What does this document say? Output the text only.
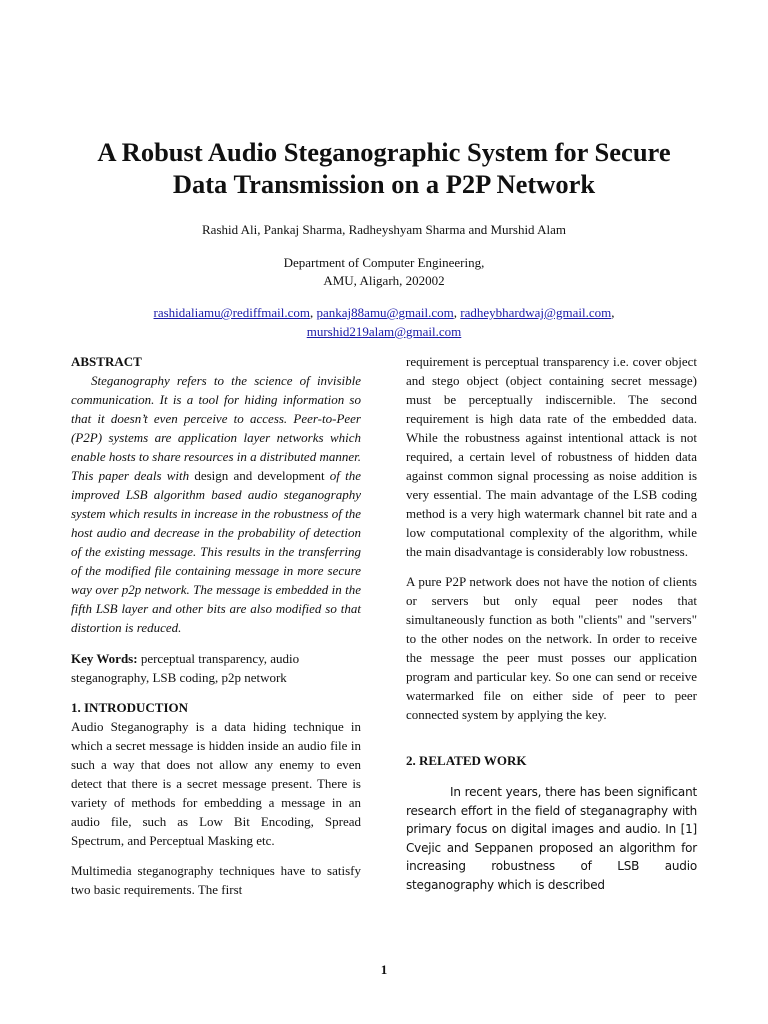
A Robust Audio Steganographic System for Secure
Data Transmission on a P2P Network
Rashid Ali, Pankaj Sharma, Radheyshyam Sharma and Murshid Alam
Department of Computer Engineering,
AMU, Aligarh, 202002
rashidaliamu@rediffmail.com, pankaj88amu@gmail.com, radheybhardwaj@gmail.com,
murshid219alam@gmail.com

ABSTRACT

Steganography refers to the science of invisible communication. It is a tool for hiding information so that it doesn’t even perceive to access. Peer-to-Peer (P2P) systems are application layer networks which enable hosts to share resources in a distributed manner. This paper deals with design and development of the improved LSB algorithm based audio steganography system which results in increase in the robustness of the host audio and decrease in the probability of detection of the existing message. This results in the transferring of the modified file containing message in more secure way over p2p network. The message is embedded in the fifth LSB layer and other bits are also modified so that distortion is reduced.

Key Words: perceptual transparency, audio steganography, LSB coding, p2p network

1. INTRODUCTION

Audio Steganography is a data hiding technique in which a secret message is hidden inside an audio file in such a way that does not allow any enemy to even detect that there is a secret message present. There is variety of methods for embedding a message in an audio file, such as Low Bit Encoding, Spread Spectrum, and Perceptual Masking etc.

Multimedia steganography techniques have to satisfy two basic requirements. The first

requirement is perceptual transparency i.e. cover object and stego object (object containing secret message) must be perceptually indiscernible. The second requirement is high data rate of the embedded data. While the robustness against intentional attack is not required, a certain level of robustness of hidden data against common signal processing as noise addition is very essential. The main advantage of the LSB coding method is a very high watermark channel bit rate and a low computational complexity of the algorithm, while the main disadvantage is considerably low robustness.

A pure P2P network does not have the notion of clients or servers but only equal peer nodes that simultaneously function as both "clients" and "servers" to the other nodes on the network. In order to receive the message the peer must posses our application program and particular key. So one can send or receive watermarked file on either side of peer to peer connected system by applying the key.

2. RELATED WORK

In recent years, there has been significant research effort in the field of steganagraphy with primary focus on digital images and audio. In [1] Cvejic and Seppanen proposed an algorithm for increasing robustness of LSB audio steganography which is described

1
